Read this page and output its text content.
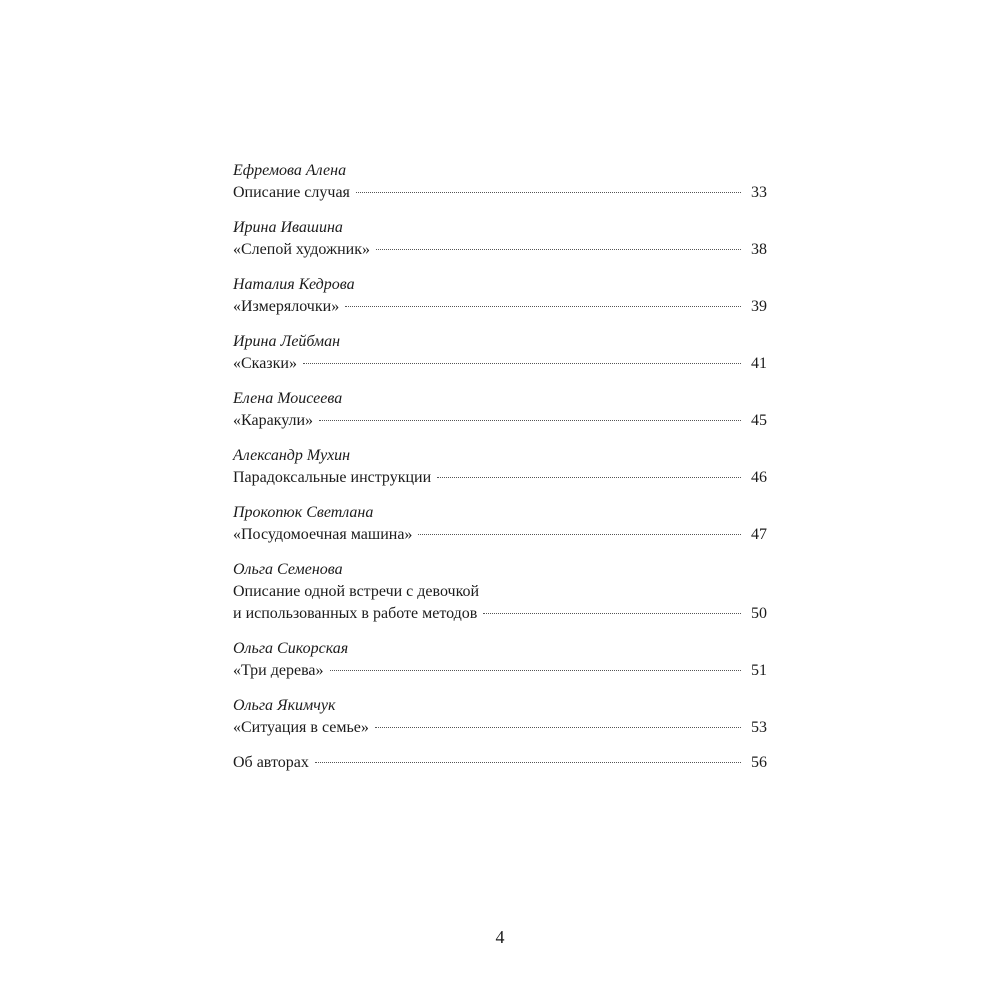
Ефремова Алена
Описание случая	33
Ирина Ивашина
«Слепой художник»	38
Наталия Кедрова
«Измерялочки»	39
Ирина Лейбман
«Сказки»	41
Елена Моисеева
«Каракули»	45
Александр Мухин
Парадоксальные инструкции	46
Прокопюк Светлана
«Посудомоечная машина»	47
Ольга Семенова
Описание одной встречи с девочкой
и использованных в работе методов	50
Ольга Сикорская
«Три дерева»	51
Ольга Якимчук
«Ситуация в семье»	53
Об авторах	56
4
